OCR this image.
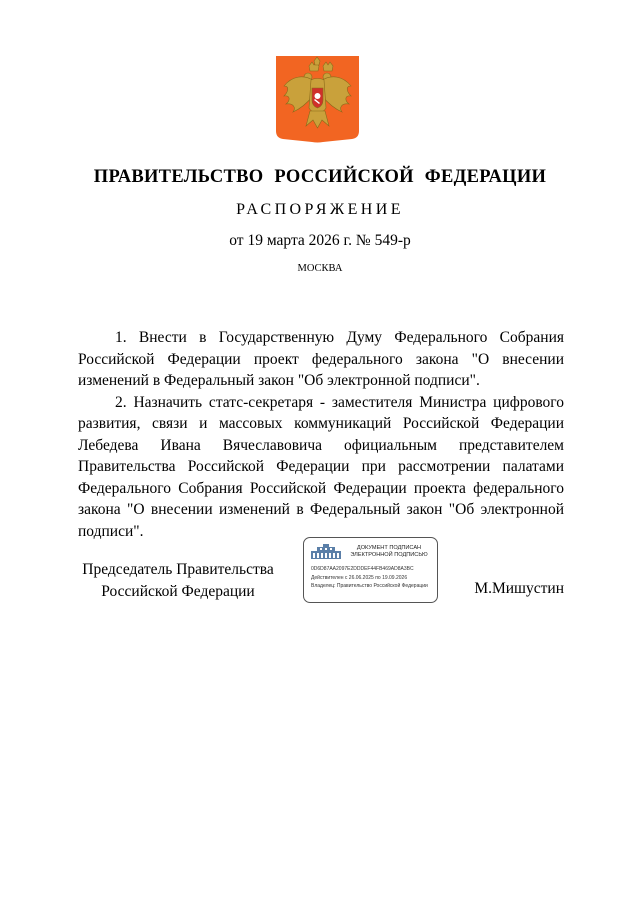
ПРАВИТЕЛЬСТВО РОССИЙСКОЙ ФЕДЕРАЦИИ
РАСПОРЯЖЕНИЕ
от 19 марта 2026 г. № 549-р
МОСКВА

1. Внести в Государственную Думу Федерального Собрания Российской Федерации проект федерального закона "О внесении изменений в Федеральный закон "Об электронной подписи".

2. Назначить статс-секретаря - заместителя Министра цифрового развития, связи и массовых коммуникаций Российской Федерации Лебедева Ивана Вячеславовича официальным представителем Правительства Российской Федерации при рассмотрении палатами Федерального Собрания Российской Федерации проекта федерального закона "О внесении изменений в Федеральный закон "Об электронной подписи".

Председатель Правительства
Российской Федерации	М.Мишустин
ДОКУМЕНТ ПОДПИСАН
ЭЛЕКТРОННОЙ ПОДПИСЬЮ
0D6D87AA2097E2DDDEF44FB469AD8A3BC
Действителен с 26.06.2025 по 19.09.2026
Владелец: Правительство Российской Федерации
